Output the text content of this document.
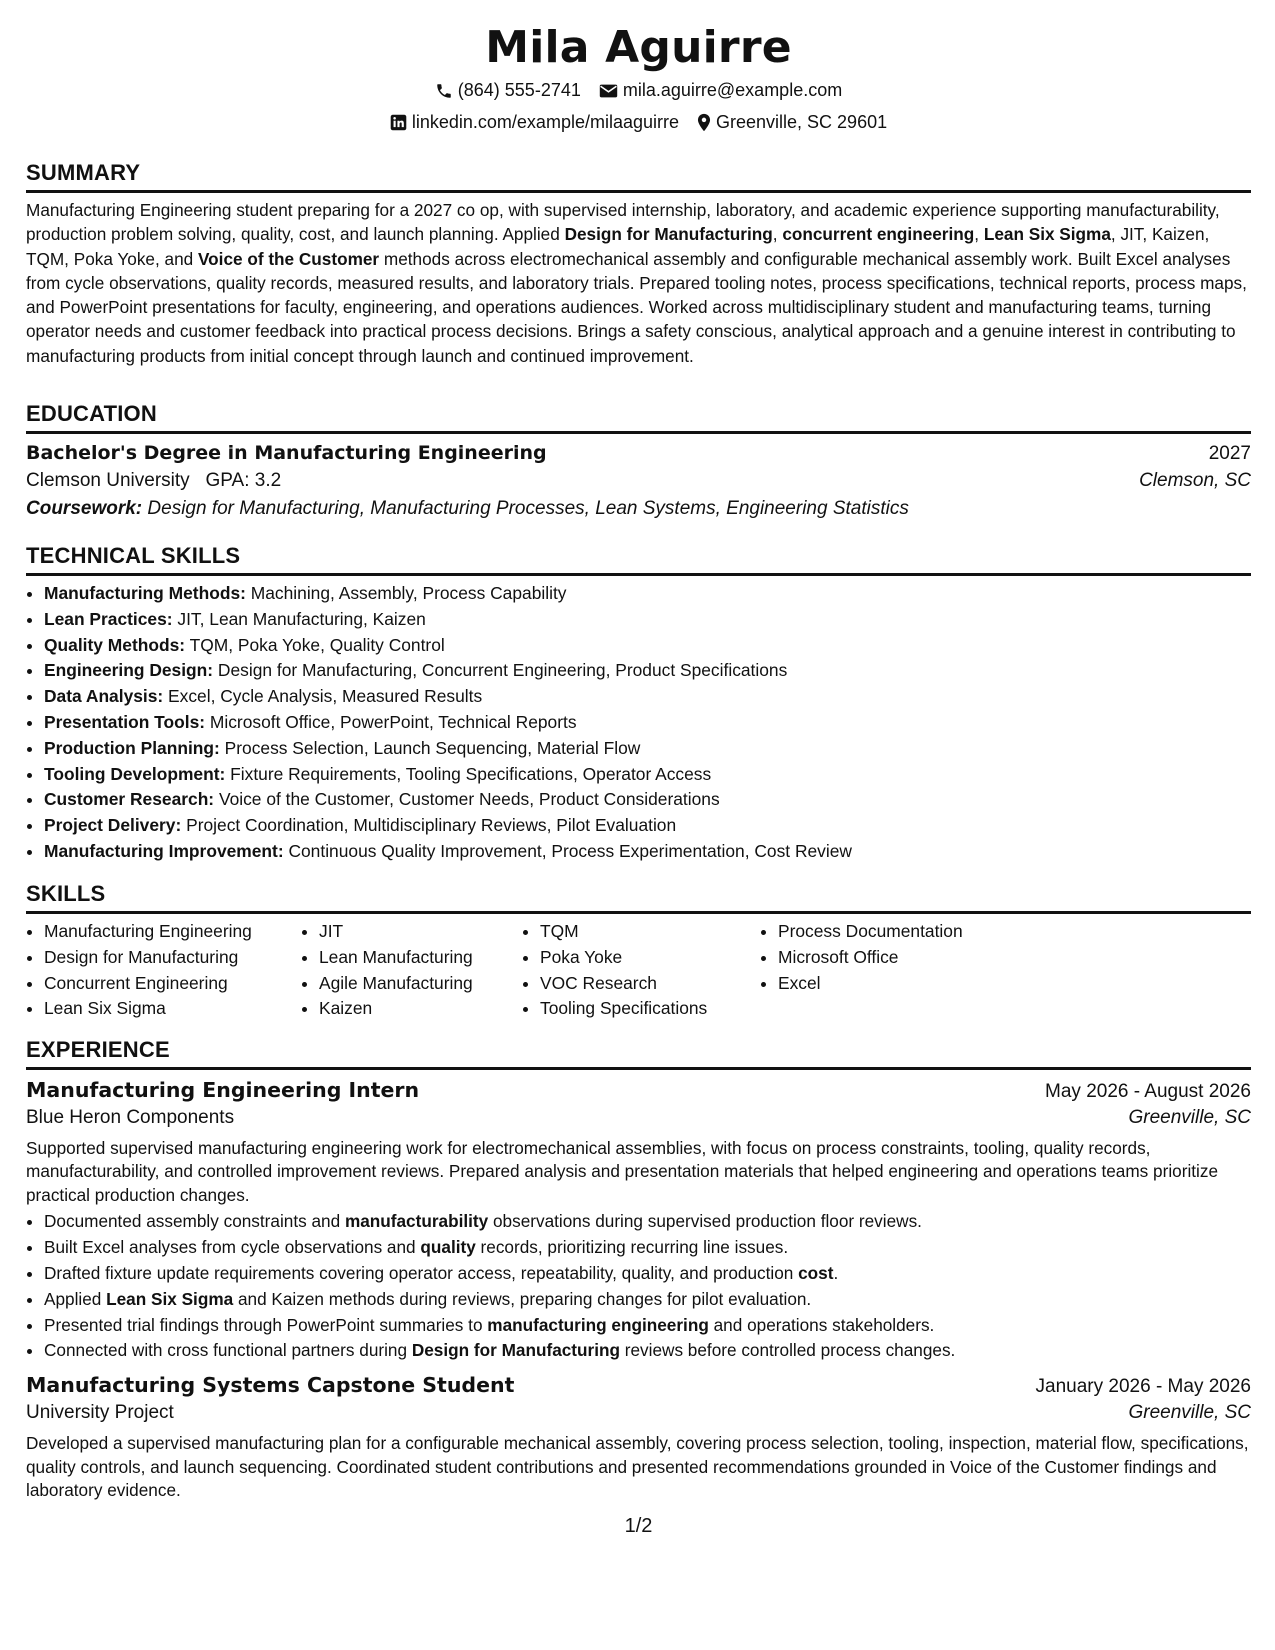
Mila Aguirre
(864) 555-2741 mila.aguirre@example.com
linkedin.com/example/milaaguirre Greenville, SC 29601
SUMMARY

Manufacturing Engineering student preparing for a 2027 co op, with supervised internship, laboratory, and academic experience supporting manufacturability, production problem solving, quality, cost, and launch planning. Applied Design for Manufacturing, concurrent engineering, Lean Six Sigma, JIT, Kaizen, TQM, Poka Yoke, and Voice of the Customer methods across electromechanical assembly and configurable mechanical assembly work. Built Excel analyses from cycle observations, quality records, measured results, and laboratory trials. Prepared tooling notes, process specifications, technical reports, process maps, and PowerPoint presentations for faculty, engineering, and operations audiences. Worked across multidisciplinary student and manufacturing teams, turning operator needs and customer feedback into practical process decisions. Brings a safety conscious, analytical approach and a genuine interest in contributing to manufacturing products from initial concept through launch and continued improvement.

EDUCATION
Bachelor's Degree in Manufacturing Engineering	2027
Clemson University GPA: 3.2	Clemson, SC
Coursework: Design for Manufacturing, Manufacturing Processes, Lean Systems, Engineering Statistics
TECHNICAL SKILLS
• Manufacturing Methods: Machining, Assembly, Process Capability
• Lean Practices: JIT, Lean Manufacturing, Kaizen
• Quality Methods: TQM, Poka Yoke, Quality Control
• Engineering Design: Design for Manufacturing, Concurrent Engineering, Product Specifications
• Data Analysis: Excel, Cycle Analysis, Measured Results
• Presentation Tools: Microsoft Office, PowerPoint, Technical Reports
• Production Planning: Process Selection, Launch Sequencing, Material Flow
• Tooling Development: Fixture Requirements, Tooling Specifications, Operator Access
• Customer Research: Voice of the Customer, Customer Needs, Product Considerations
• Project Delivery: Project Coordination, Multidisciplinary Reviews, Pilot Evaluation
• Manufacturing Improvement: Continuous Quality Improvement, Process Experimentation, Cost Review
SKILLS
• Manufacturing Engineering
• Design for Manufacturing
• Concurrent Engineering
• Lean Six Sigma
• JIT
• Lean Manufacturing
• Agile Manufacturing
• Kaizen
• TQM
• Poka Yoke
• VOC Research
• Tooling Specifications
• Process Documentation
• Microsoft Office
• Excel
EXPERIENCE
Manufacturing Engineering Intern	May 2026 - August 2026
Blue Heron Components	Greenville, SC

Supported supervised manufacturing engineering work for electromechanical assemblies, with focus on process constraints, tooling, quality records, manufacturability, and controlled improvement reviews. Prepared analysis and presentation materials that helped engineering and operations teams prioritize practical production changes.

• Documented assembly constraints and manufacturability observations during supervised production floor reviews.
• Built Excel analyses from cycle observations and quality records, prioritizing recurring line issues.
• Drafted fixture update requirements covering operator access, repeatability, quality, and production cost.
• Applied Lean Six Sigma and Kaizen methods during reviews, preparing changes for pilot evaluation.
• Presented trial findings through PowerPoint summaries to manufacturing engineering and operations stakeholders.
• Connected with cross functional partners during Design for Manufacturing reviews before controlled process changes.
Manufacturing Systems Capstone Student	January 2026 - May 2026
University Project	Greenville, SC

Developed a supervised manufacturing plan for a configurable mechanical assembly, covering process selection, tooling, inspection, material flow, specifications, quality controls, and launch sequencing. Coordinated student contributions and presented recommendations grounded in Voice of the Customer findings and laboratory evidence.

1/2
